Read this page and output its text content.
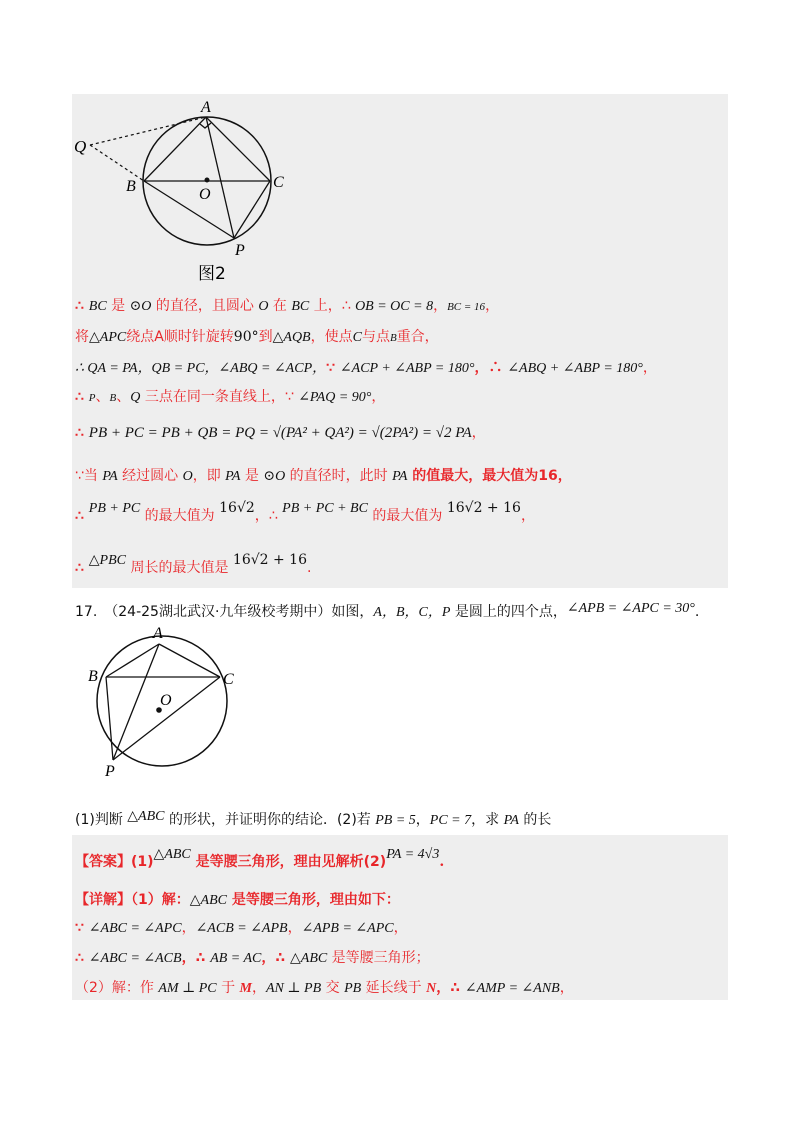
A
Q
B	O
C
P
图2
∴ BC 是 ⊙O 的直径，且圆心 O 在 BC 上，∴ OB = OC = 8，BC = 16，
将△APC绕点A顺时针旋转90°到△AQB，使点C与点B重合，
∴ QA = PA，QB = PC，∠ABQ = ∠ACP，∵ ∠ACP + ∠ABP = 180°，∴ ∠ABQ + ∠ABP = 180°，
∴ P、B、Q 三点在同一条直线上，∵ ∠PAQ = 90°，
∴ PB + PC = PB + QB = PQ = √(PA² + QA²) = √(2PA²) = √2 PA，
∵当 PA 经过圆心 O，即 PA 是 ⊙O 的直径时，此时 PA 的值最大，最大值为16，
∴ PB + PC 的最大值为 16√2，∴ PB + PC + BC 的最大值为 16√2 + 16，
∴ △PBC 周长的最大值是 16√2 + 16.
17.　（24-25湖北武汉·九年级校考期中）如图，A，B，C，P 是圆上的四个点，∠APB = ∠APC = 30°.
A
B	C
O
P
(1)判断 △ABC 的形状，并证明你的结论．(2)若 PB = 5，PC = 7，求 PA 的长
【答案】(1)△ABC 是等腰三角形，理由见解析(2)PA = 4√3.
【详解】（1）解：△ABC 是等腰三角形，理由如下：
∵ ∠ABC = ∠APC，∠ACB = ∠APB，∠APB = ∠APC，
∴ ∠ABC = ∠ACB，∴ AB = AC，∴ △ABC 是等腰三角形；
（2）解：作 AM ⊥ PC 于 M，AN ⊥ PB 交 PB 延长线于 N，∴ ∠AMP = ∠ANB，
